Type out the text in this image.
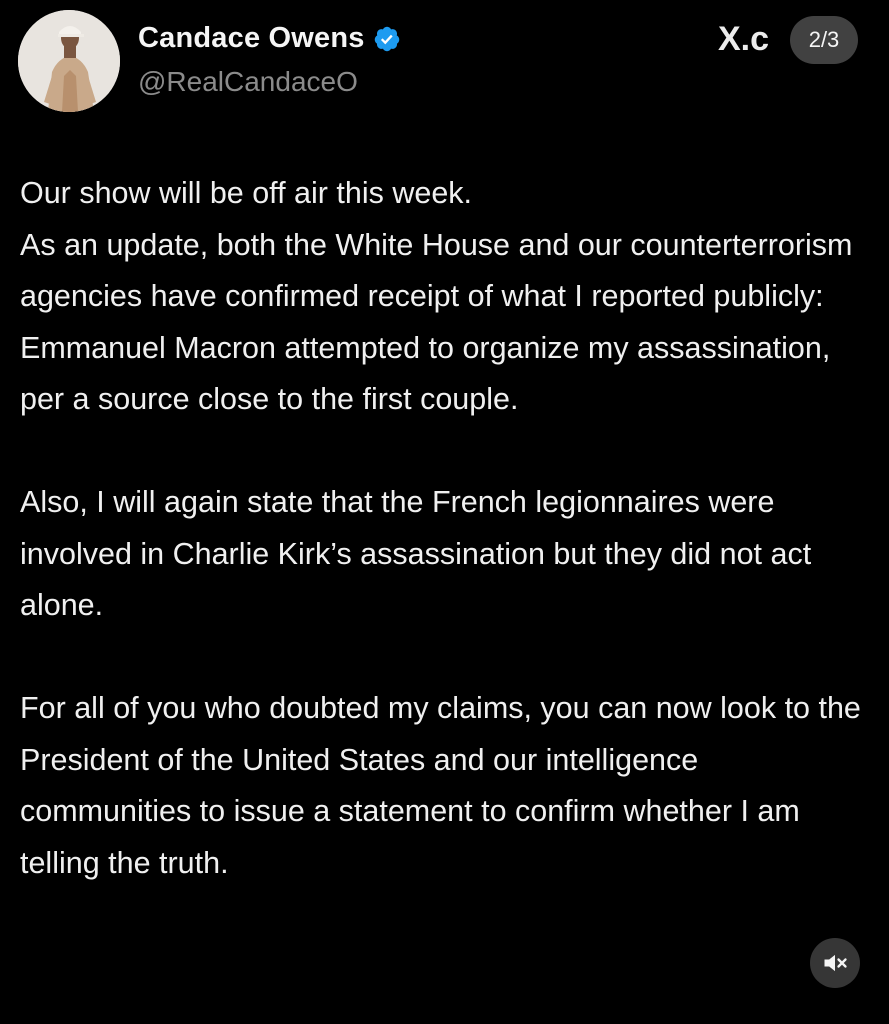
Candace Owens
@RealCandaceO
X.c	2/3

Our show will be off air this week.
As an update, both the White House and our counterterrorism agencies have confirmed receipt of what I reported publicly: Emmanuel Macron attempted to organize my assassination, per a source close to the first couple.

Also, I will again state that the French legionnaires were involved in Charlie Kirk’s assassination but they did not act alone.

For all of you who doubted my claims, you can now look to the President of the United States and our intelligence communities to issue a statement to confirm whether I am telling the truth.
